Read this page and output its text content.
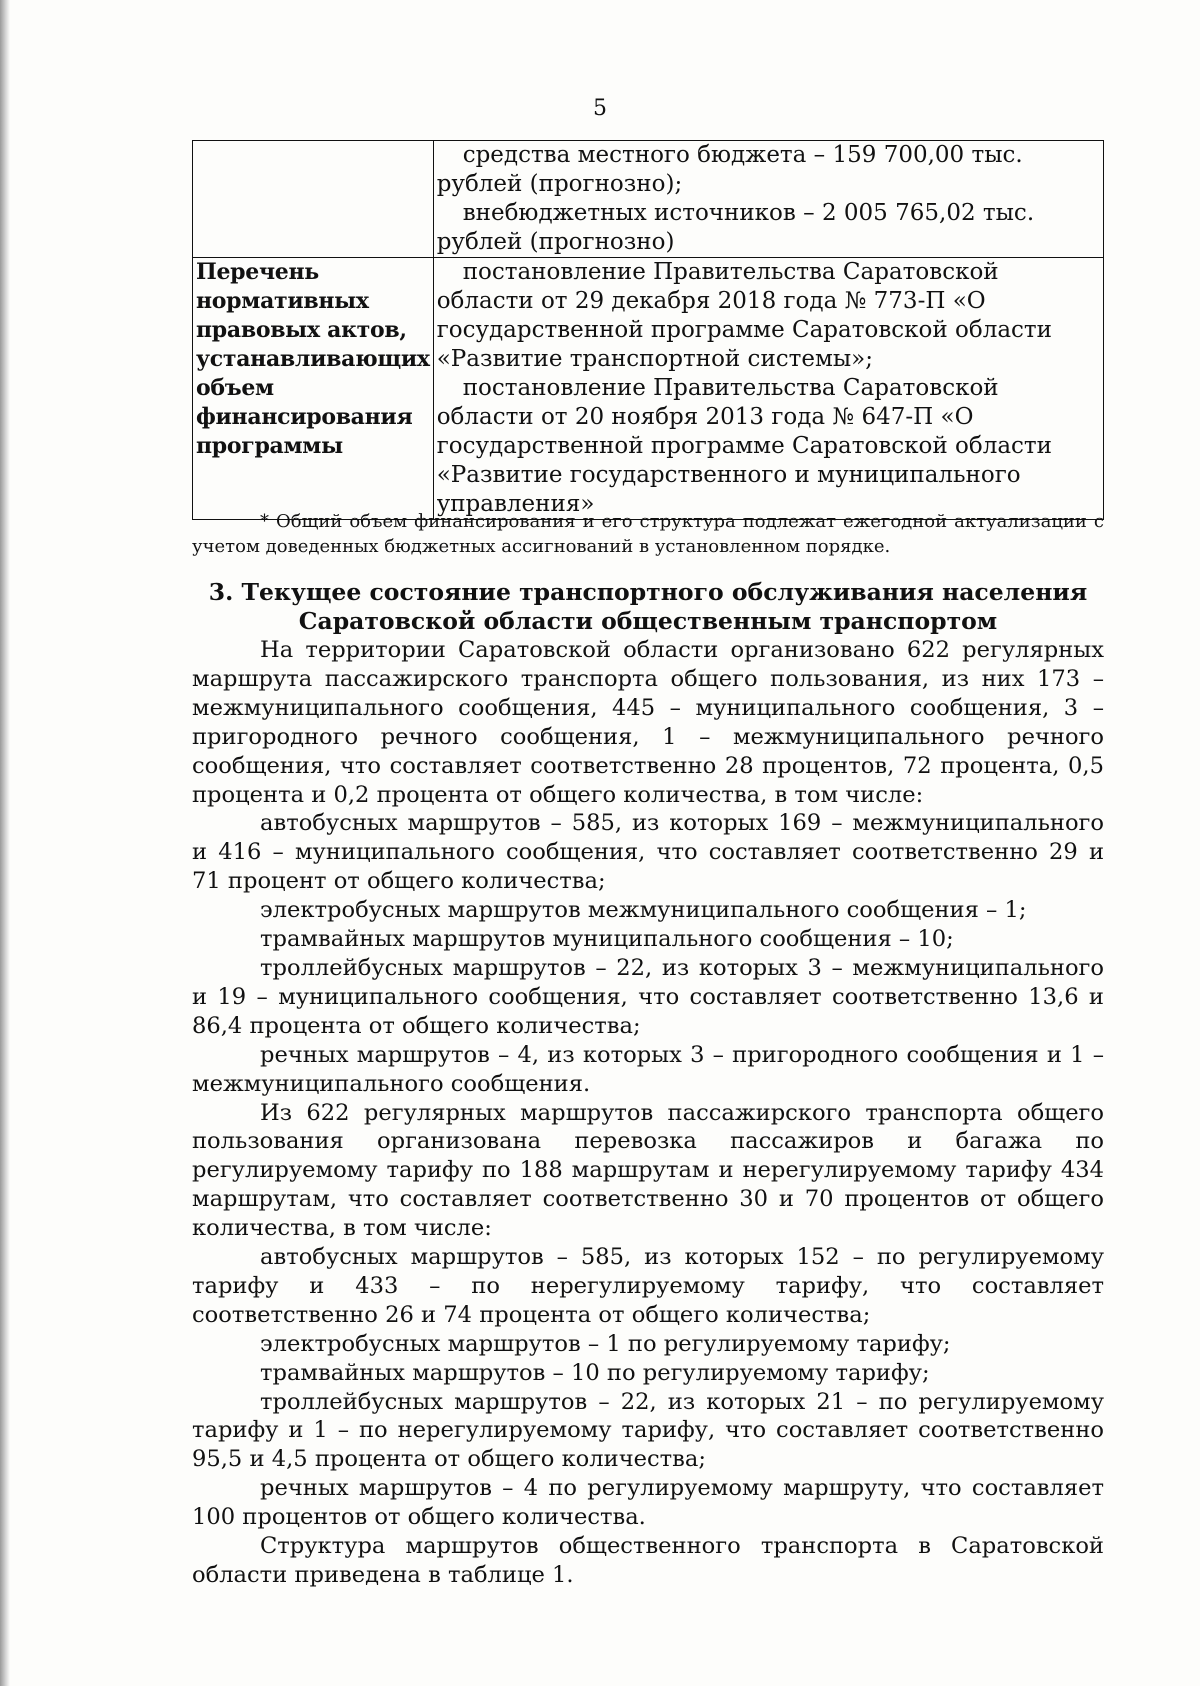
5

	средства местного бюджета – 159 700,00 тыс. рублей (прогнозно);

внебюджетных источников – 2 005 765,02 тыс. рублей (прогнозно)

Перечень нормативных правовых актов, устанавливающих объем финансирования программы	постановление Правительства Саратовской области от 29 декабря 2018 года № 773-П «О государственной программе Саратовской области «Развитие транспортной системы»;

постановление Правительства Саратовской области от 20 ноября 2013 года № 647-П «О государственной программе Саратовской области «Развитие государственного и муниципального управления»

* Общий объем финансирования и его структура подлежат ежегодной актуализации с учетом доведенных бюджетных ассигнований в установленном порядке.

3. Текущее состояние транспортного обслуживания населения
Саратовской области общественным транспортом

На территории Саратовской области организовано 622 регулярных маршрута пассажирского транспорта общего пользования, из них 173 – межмуниципального сообщения, 445 – муниципального сообщения, 3 – пригородного речного сообщения, 1 – межмуниципального речного сообщения, что составляет соответственно 28 процентов, 72 процента, 0,5 процента и 0,2 процента от общего количества, в том числе:

автобусных маршрутов – 585, из которых 169 – межмуниципального и 416 – муниципального сообщения, что составляет соответственно 29 и 71 процент от общего количества;

электробусных маршрутов межмуниципального сообщения – 1;

трамвайных маршрутов муниципального сообщения – 10;

троллейбусных маршрутов – 22, из которых 3 – межмуниципального и 19 – муниципального сообщения, что составляет соответственно 13,6 и 86,4 процента от общего количества;

речных маршрутов – 4, из которых 3 – пригородного сообщения и 1 – межмуниципального сообщения.

Из 622 регулярных маршрутов пассажирского транспорта общего пользования организована перевозка пассажиров и багажа по регулируемому тарифу по 188 маршрутам и нерегулируемому тарифу 434 маршрутам, что составляет соответственно 30 и 70 процентов от общего количества, в том числе:

автобусных маршрутов – 585, из которых 152 – по регулируемому тарифу и 433 – по нерегулируемому тарифу, что составляет соответственно 26 и 74 процента от общего количества;

электробусных маршрутов – 1 по регулируемому тарифу;

трамвайных маршрутов – 10 по регулируемому тарифу;

троллейбусных маршрутов – 22, из которых 21 – по регулируемому тарифу и 1 – по нерегулируемому тарифу, что составляет соответственно 95,5 и 4,5 процента от общего количества;

речных маршрутов – 4 по регулируемому маршруту, что составляет 100 процентов от общего количества.

Структура маршрутов общественного транспорта в Саратовской области приведена в таблице 1.
